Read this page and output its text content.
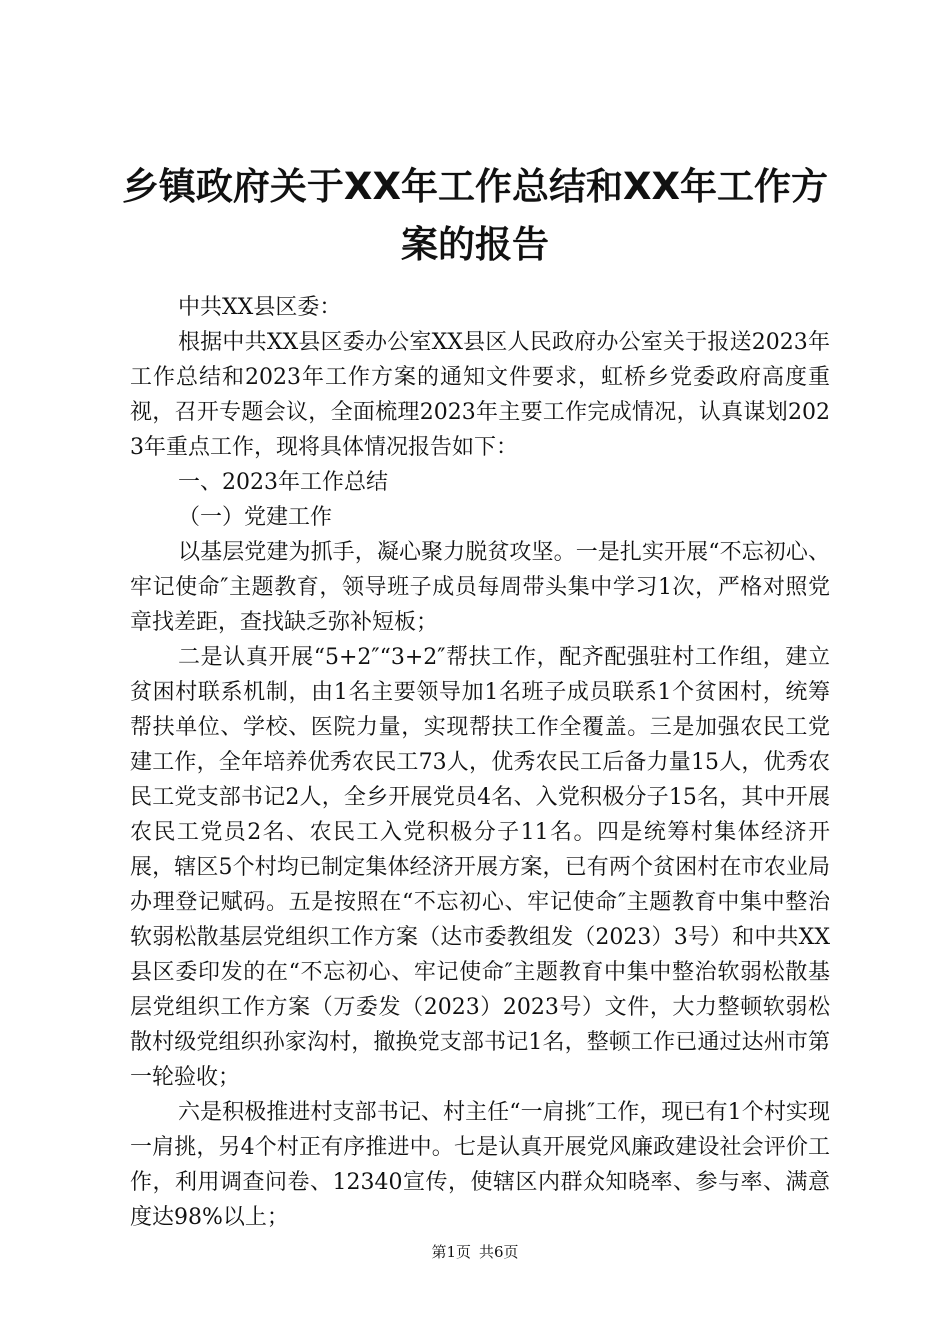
乡镇政府关于XX年工作总结和XX年工作方案的报告

中共XX县区委：

根据中共XX县区委办公室XX县区人民政府办公室关于报送2023年工作总结和2023年工作方案的通知文件要求，虹桥乡党委政府高度重视，召开专题会议，全面梳理2023年主要工作完成情况，认真谋划2023年重点工作，现将具体情况报告如下：

一、2023年工作总结

（一）党建工作

以基层党建为抓手，凝心聚力脱贫攻坚。一是扎实开展“不忘初心、牢记使命″主题教育，领导班子成员每周带头集中学习1次，严格对照党章找差距，查找缺乏弥补短板；

二是认真开展“5+2″“3+2″帮扶工作，配齐配强驻村工作组，建立贫困村联系机制，由1名主要领导加1名班子成员联系1个贫困村，统筹帮扶单位、学校、医院力量，实现帮扶工作全覆盖。三是加强农民工党建工作，全年培养优秀农民工73人，优秀农民工后备力量15人，优秀农民工党支部书记2人，全乡开展党员4名、入党积极分子15名，其中开展农民工党员2名、农民工入党积极分子11名。四是统筹村集体经济开展，辖区5个村均已制定集体经济开展方案，已有两个贫困村在市农业局办理登记赋码。五是按照在“不忘初心、牢记使命″主题教育中集中整治软弱松散基层党组织工作方案（达市委教组发（2023）3号）和中共XX县区委印发的在“不忘初心、牢记使命″主题教育中集中整治软弱松散基层党组织工作方案（万委发（2023）2023号）文件，大力整顿软弱松散村级党组织孙家沟村，撤换党支部书记1名，整顿工作已通过达州市第一轮验收；

六是积极推进村支部书记、村主任“一肩挑″工作，现已有1个村实现一肩挑，另4个村正有序推进中。七是认真开展党风廉政建设社会评价工作，利用调查问卷、12340宣传，使辖区内群众知晓率、参与率、满意度达98%以上；

第1页 共6页
